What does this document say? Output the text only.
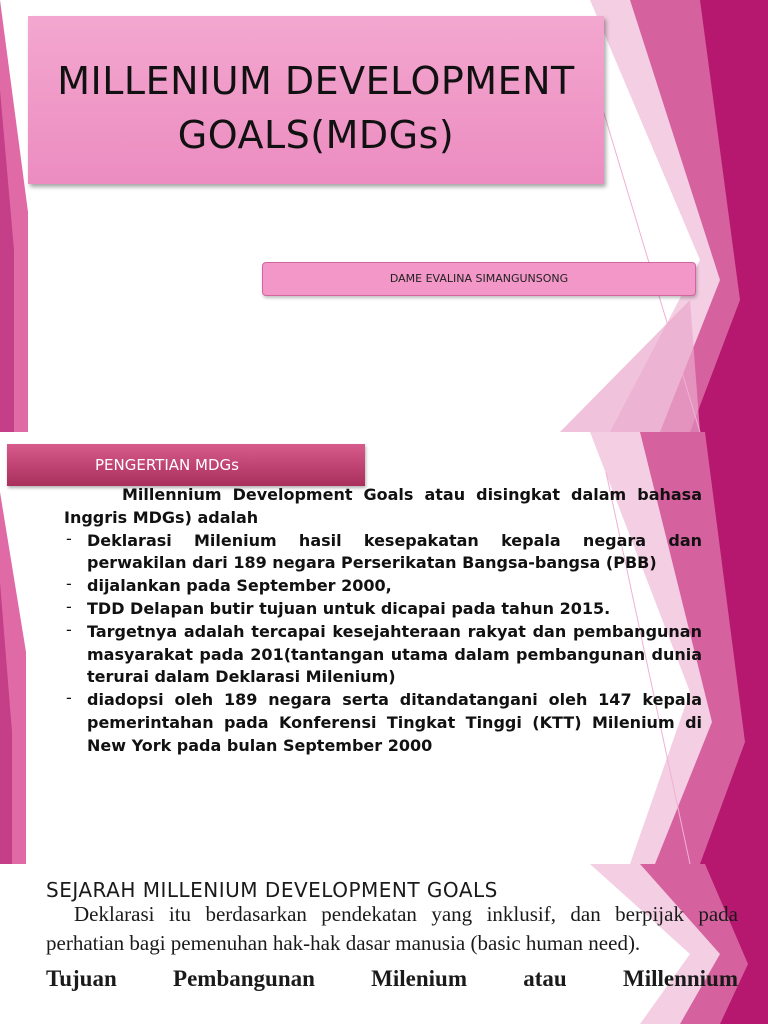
MILLENIUM DEVELOPMENT
GOALS(MDGs)
DAME EVALINA SIMANGUNSONG
PENGERTIAN MDGs

Millennium Development Goals atau disingkat dalam bahasa Inggris MDGs) adalah

- Deklarasi Milenium hasil kesepakatan kepala negara dan perwakilan dari 189 negara Perserikatan Bangsa-bangsa (PBB)
- dijalankan pada September 2000,
- TDD Delapan butir tujuan untuk dicapai pada tahun 2015.
- Targetnya adalah tercapai kesejahteraan rakyat dan pembangunan masyarakat pada 201(tantangan utama dalam pembangunan dunia terurai dalam Deklarasi Milenium)
- diadopsi oleh 189 negara serta ditandatangani oleh 147 kepala pemerintahan pada Konferensi Tingkat Tinggi (KTT) Milenium di New York pada bulan September 2000
SEJARAH MILLENIUM DEVELOPMENT GOALS

Deklarasi itu berdasarkan pendekatan yang inklusif, dan berpijak pada perhatian bagi pemenuhan hak-hak dasar manusia (basic human need).

Tujuan Pembangunan Milenium atau Millennium
